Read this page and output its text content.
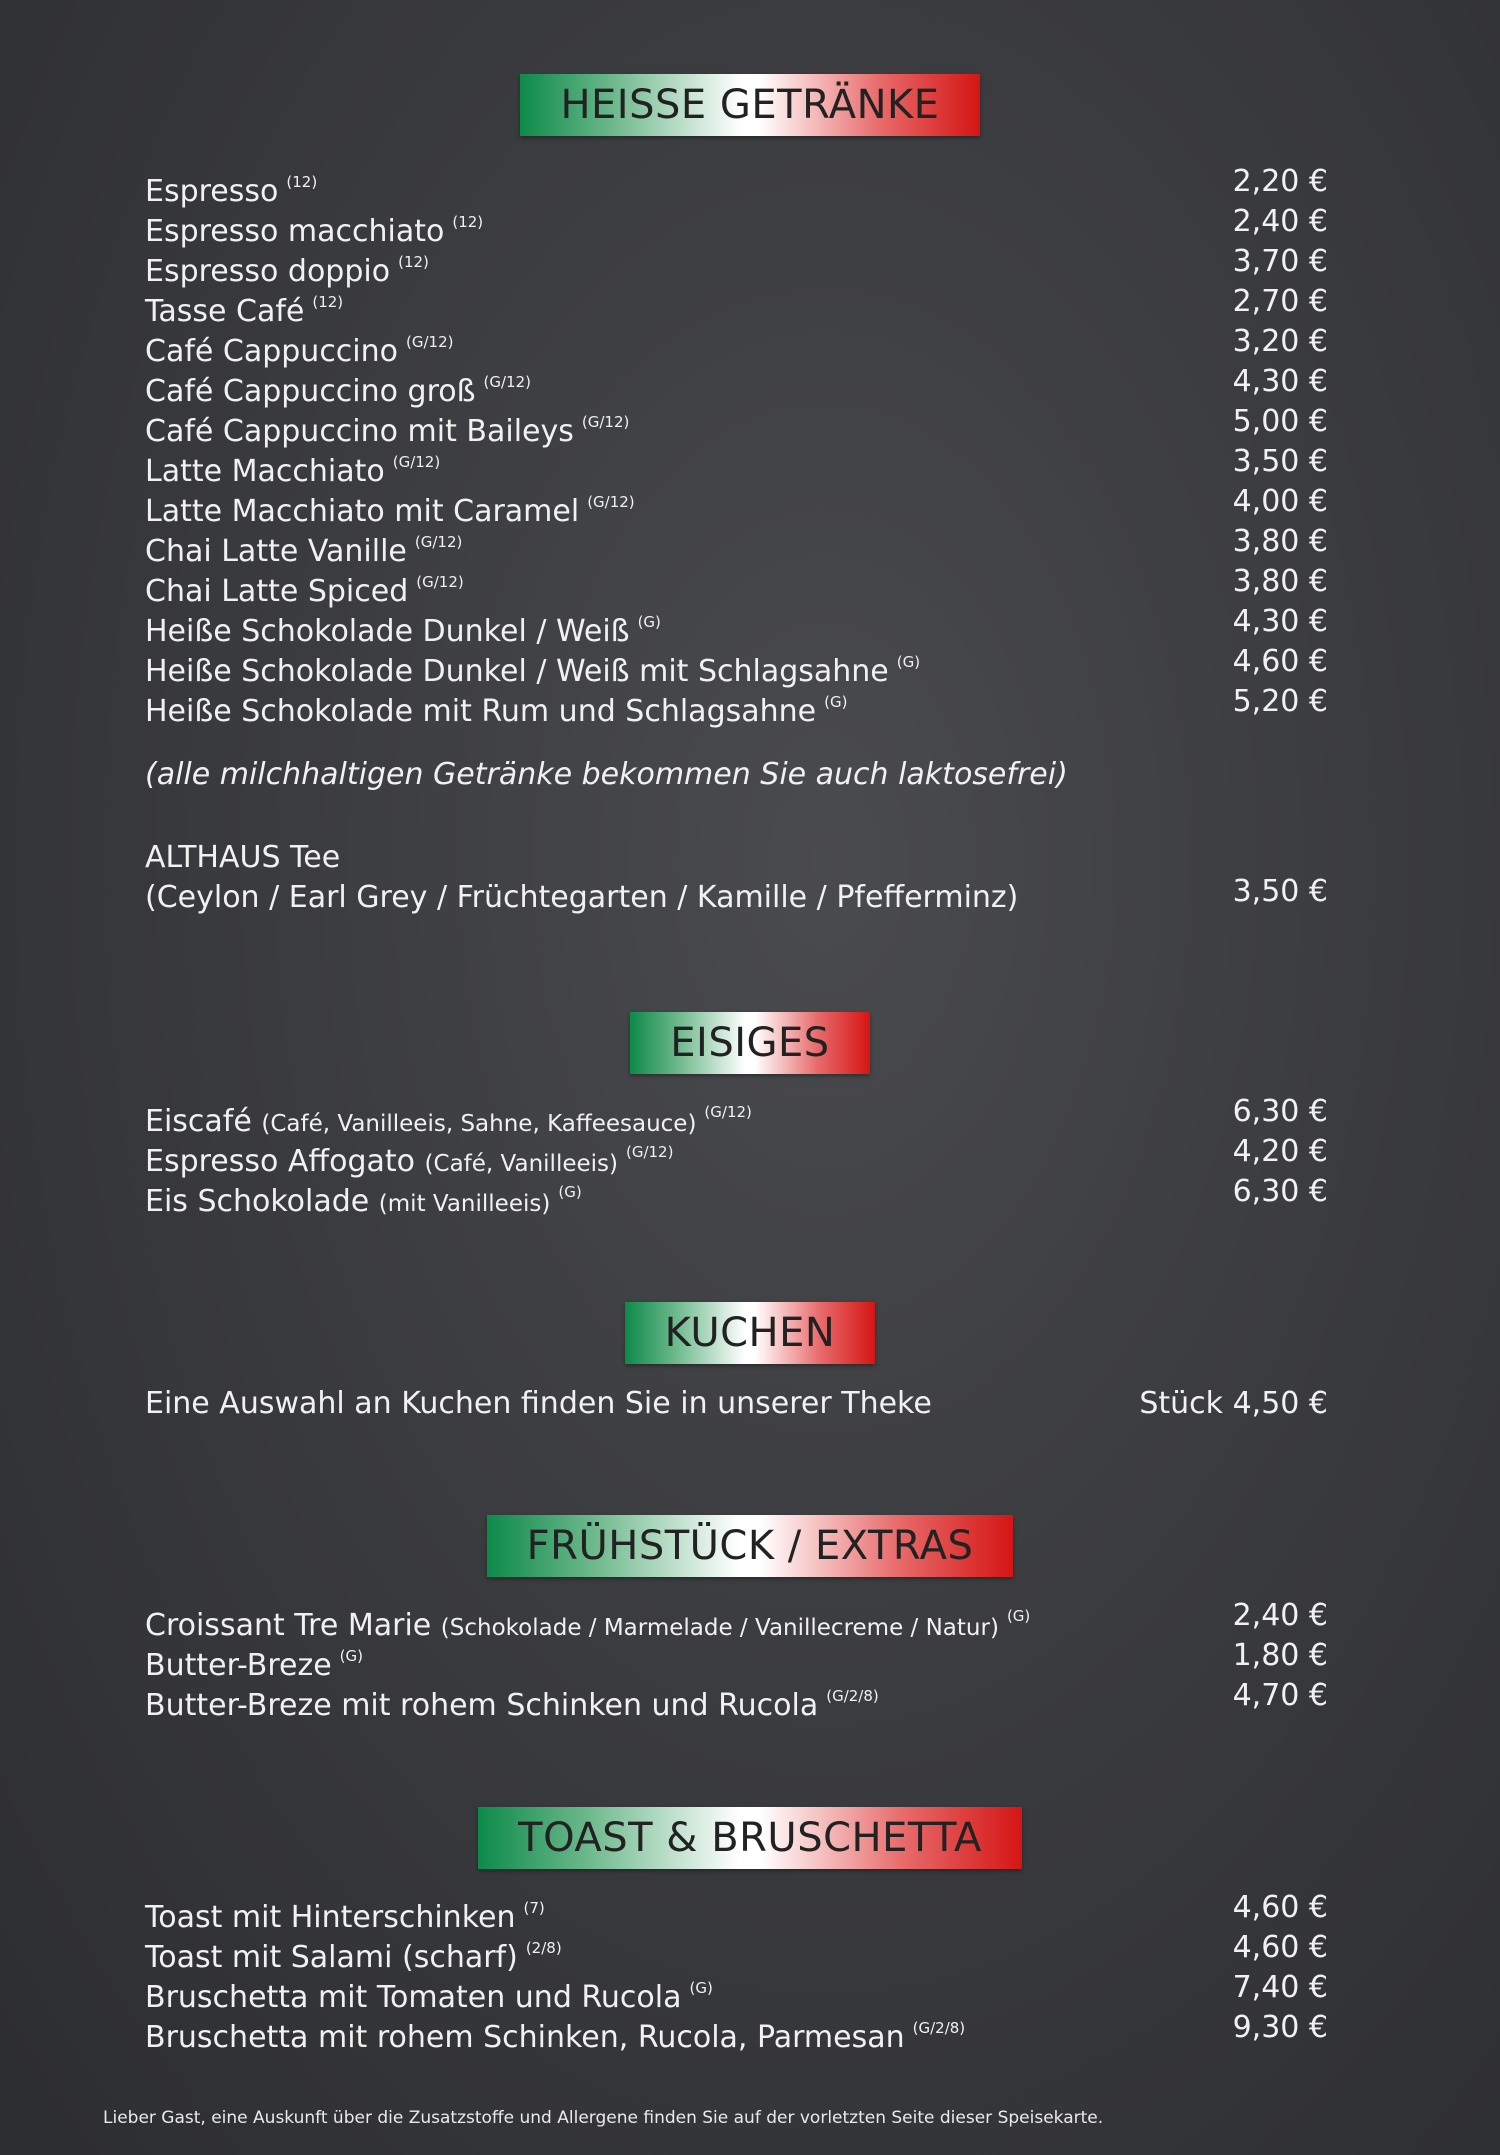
HEISSE GETRÄNKE
Espresso $^{(12)}$	2,20 €
Espresso macchiato $^{(12)}$	2,40 €
Espresso doppio $^{(12)}$	3,70 €
Tasse Café $^{(12)}$	2,70 €
Café Cappuccino $^{(G/12)}$	3,20 €
Café Cappuccino groß $^{(G/12)}$	4,30 €
Café Cappuccino mit Baileys $^{(G/12)}$	5,00 €
Latte Macchiato $^{(G/12)}$	3,50 €
Latte Macchiato mit Caramel $^{(G/12)}$	4,00 €
Chai Latte Vanille $^{(G/12)}$	3,80 €
Chai Latte Spiced $^{(G/12)}$	3,80 €
Heiße Schokolade Dunkel / Weiß $^{(G)}$	4,30 €
Heiße Schokolade Dunkel / Weiß mit Schlagsahne $^{(G)}$	4,60 €
Heiße Schokolade mit Rum und Schlagsahne $^{(G)}$	5,20 €
(alle milchhaltigen Getränke bekommen Sie auch laktosefrei)
ALTHAUS Tee
(Ceylon / Earl Grey / Früchtegarten / Kamille / Pfefferminz)	3,50 €
EISIGES
Eiscafé (Café, Vanilleeis, Sahne, Kaffeesauce) $^{(G/12)}$	6,30 €
Espresso Affogato (Café, Vanilleeis) $^{(G/12)}$	4,20 €
Eis Schokolade (mit Vanilleeis) $^{(G)}$	6,30 €
KUCHEN
Eine Auswahl an Kuchen finden Sie in unserer Theke	Stück 4,50 €
FRÜHSTÜCK / EXTRAS
Croissant Tre Marie (Schokolade / Marmelade / Vanillecreme / Natur) $^{(G)}$	2,40 €
Butter-Breze $^{(G)}$	1,80 €
Butter-Breze mit rohem Schinken und Rucola $^{(G/2/8)}$	4,70 €
TOAST & BRUSCHETTA
Toast mit Hinterschinken $^{(7)}$	4,60 €
Toast mit Salami (scharf) $^{(2/8)}$	4,60 €
Bruschetta mit Tomaten und Rucola $^{(G)}$	7,40 €
Bruschetta mit rohem Schinken, Rucola, Parmesan $^{(G/2/8)}$	9,30 €
Lieber Gast, eine Auskunft über die Zusatzstoffe und Allergene finden Sie auf der vorletzten Seite dieser Speisekarte.
